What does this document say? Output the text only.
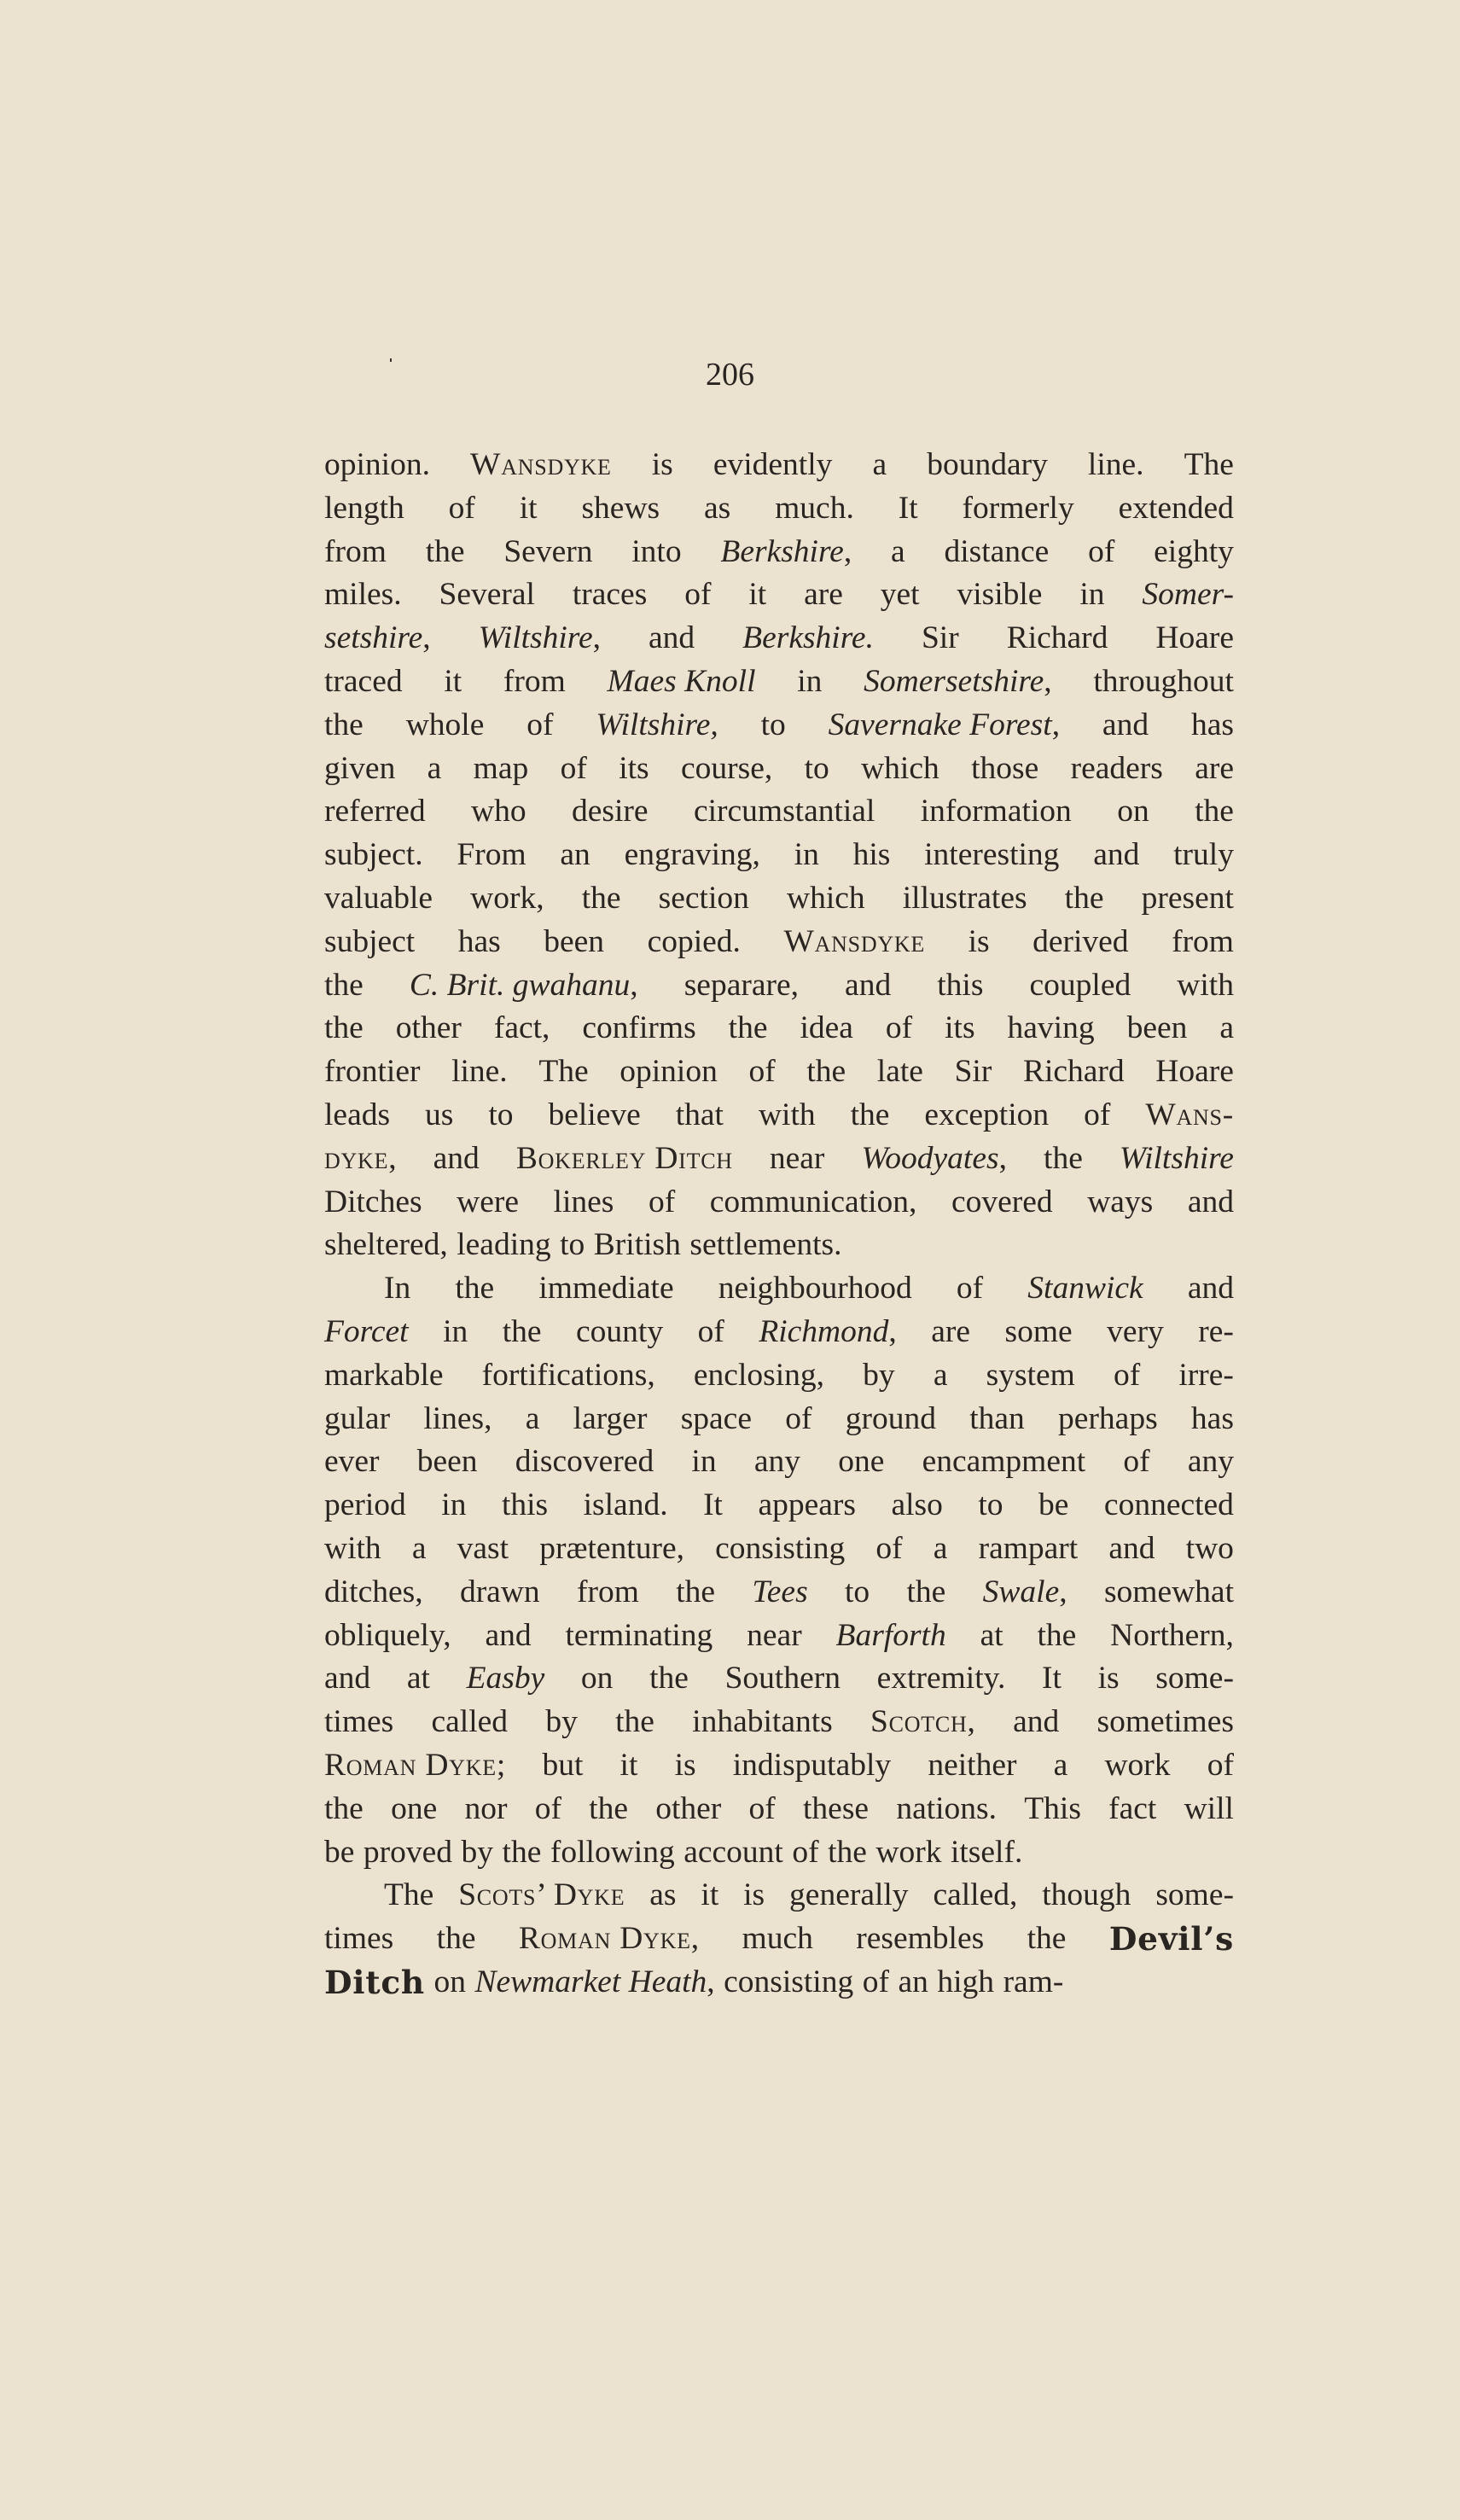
206
opinion. Wansdyke is evidently a boundary line. The
length of it shews as much. It formerly extended
from the Severn into Berkshire, a distance of eighty
miles. Several traces of it are yet visible in Somer-
setshire, Wiltshire, and Berkshire. Sir Richard Hoare
traced it from Maes Knoll in Somersetshire, throughout
the whole of Wiltshire, to Savernake Forest, and has
given a map of its course, to which those readers are
referred who desire circumstantial information on the
subject. From an engraving, in his interesting and truly
valuable work, the section which illustrates the present
subject has been copied. Wansdyke is derived from
the C. Brit. gwahanu, separare, and this coupled with
the other fact, confirms the idea of its having been a
frontier line. The opinion of the late Sir Richard Hoare
leads us to believe that with the exception of Wans-
dyke, and Bokerley Ditch near Woodyates, the Wiltshire
Ditches were lines of communication, covered ways and
sheltered, leading to British settlements.
In the immediate neighbourhood of Stanwick and
Forcet in the county of Richmond, are some very re-
markable fortifications, enclosing, by a system of irre-
gular lines, a larger space of ground than perhaps has
ever been discovered in any one encampment of any
period in this island. It appears also to be connected
with a vast prætenture, consisting of a rampart and two
ditches, drawn from the Tees to the Swale, somewhat
obliquely, and terminating near Barforth at the Northern,
and at Easby on the Southern extremity. It is some-
times called by the inhabitants Scotch, and sometimes
Roman Dyke; but it is indisputably neither a work of
the one nor of the other of these nations. This fact will
be proved by the following account of the work itself.
The Scots’ Dyke as it is generally called, though some-
times the Roman Dyke, much resembles the Devil’s
Ditch on Newmarket Heath, consisting of an high ram-
